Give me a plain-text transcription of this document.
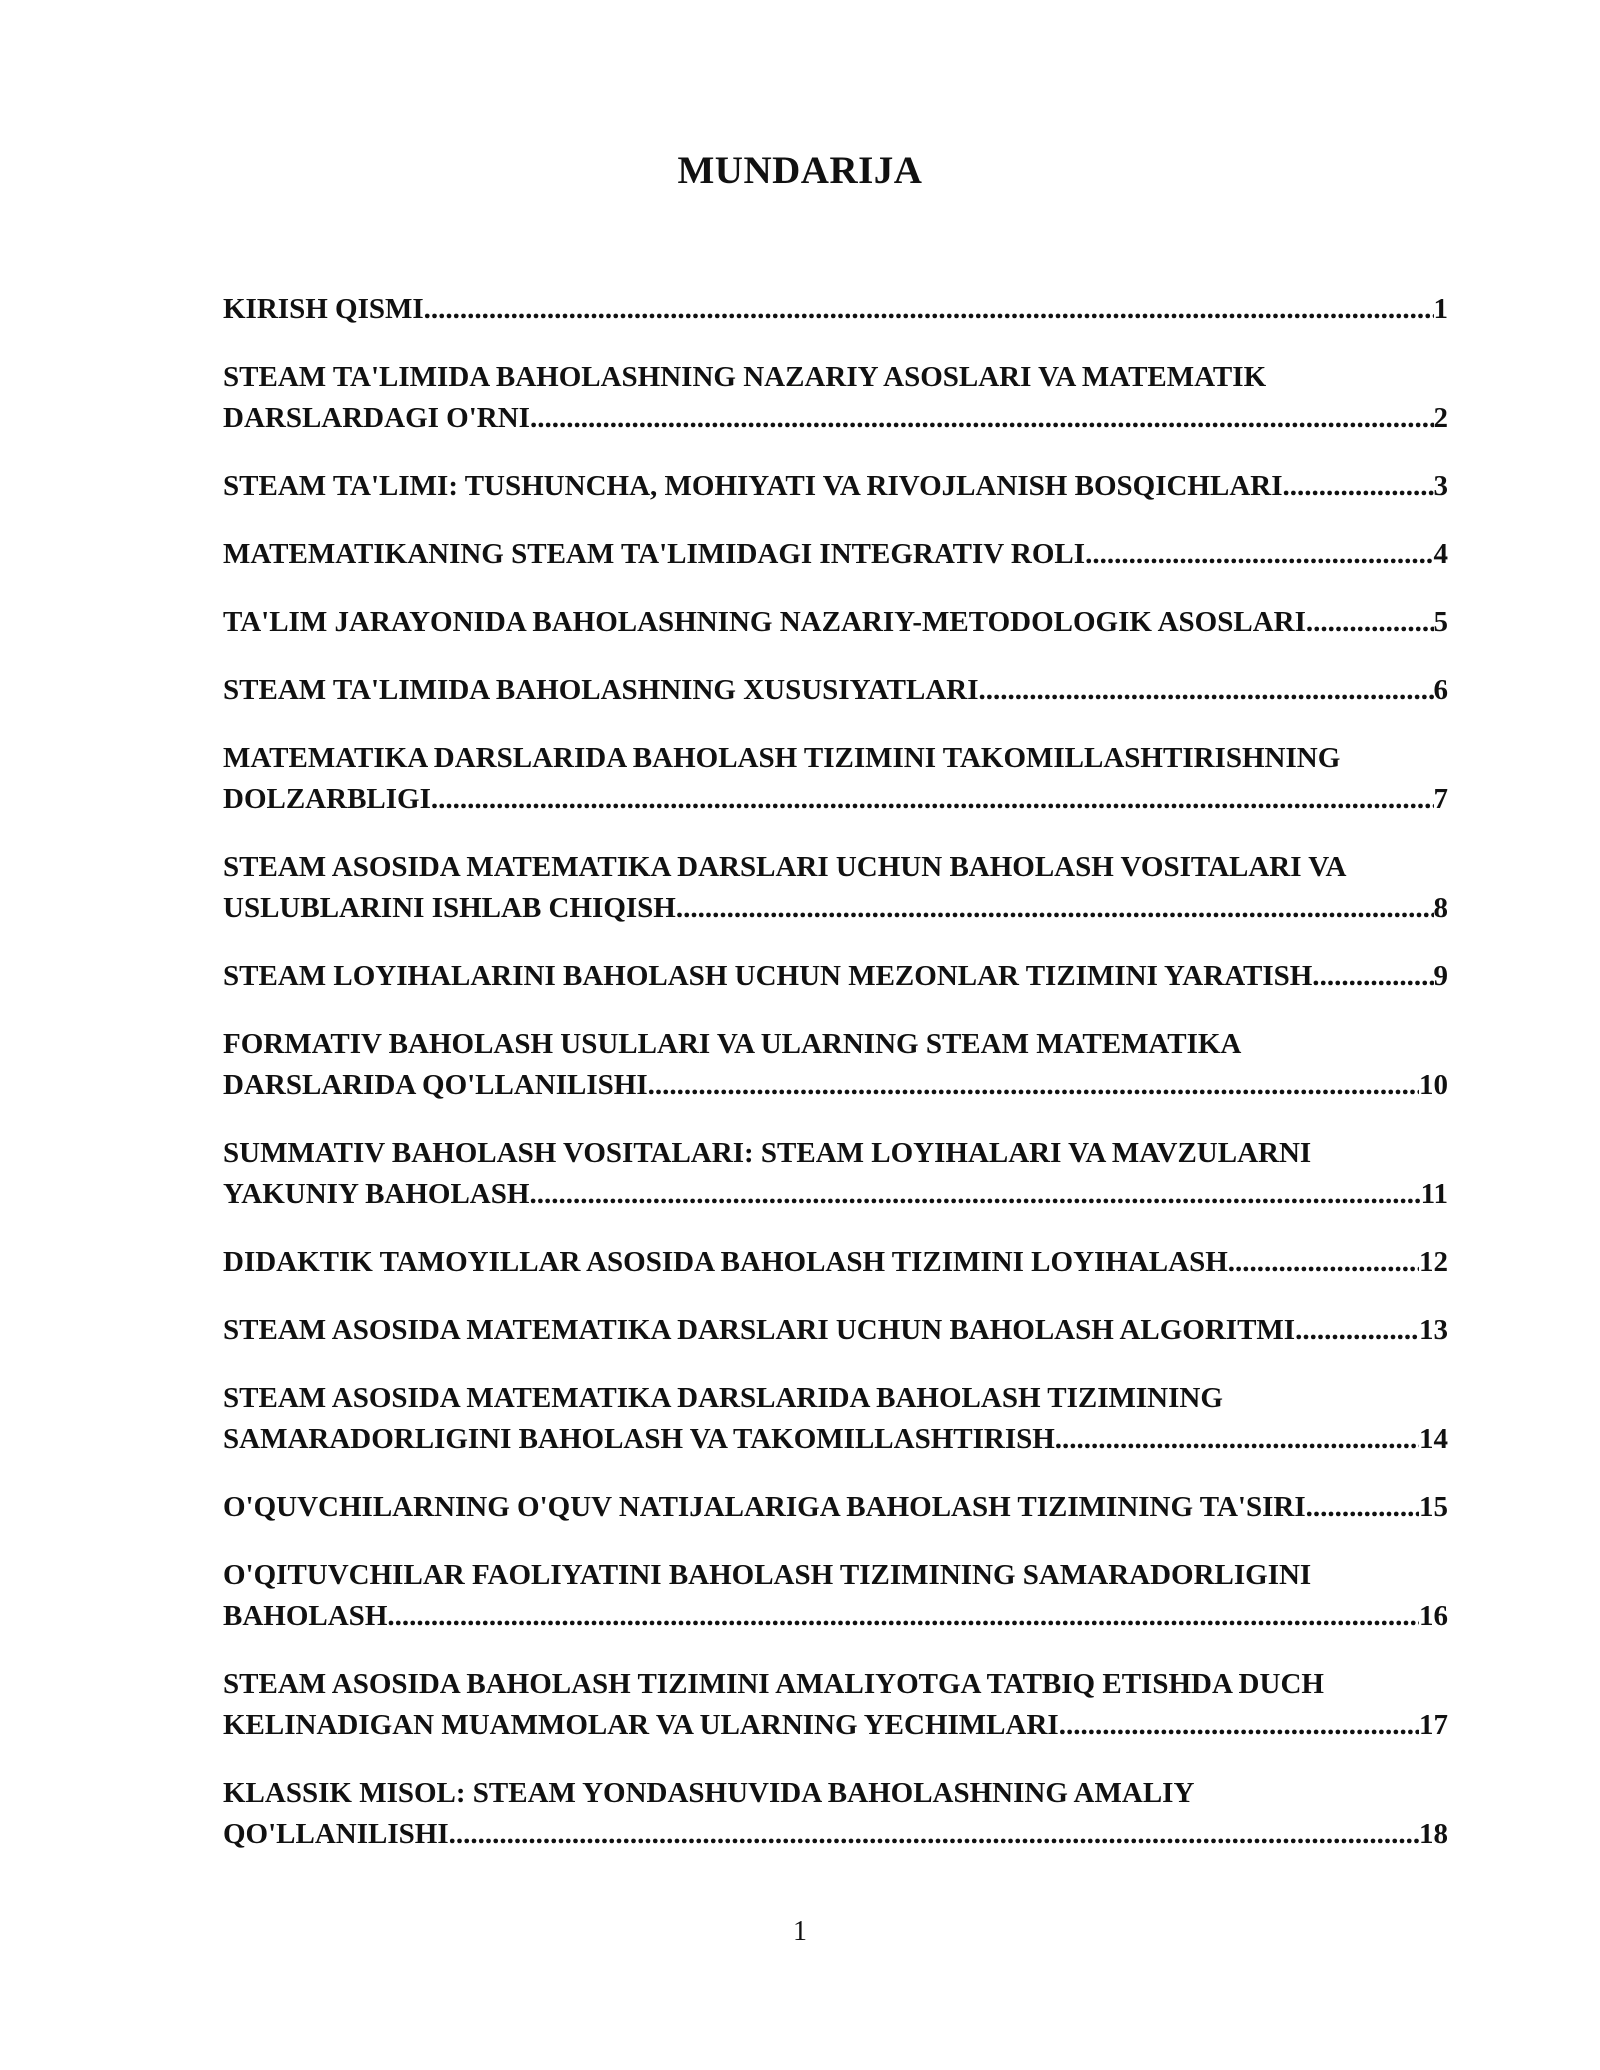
MUNDARIJA
KIRISH QISMI .....	1
STEAM TA'LIMIDA BAHOLASHNING NAZARIY ASOSLARI VA MATEMATIK
DARSLARDAGI O'RNI .....	2
STEAM TA'LIMI: TUSHUNCHA, MOHIYATI VA RIVOJLANISH BOSQICHLARI .....	3
MATEMATIKANING STEAM TA'LIMIDAGI INTEGRATIV ROLI .....	4
TA'LIM JARAYONIDA BAHOLASHNING NAZARIY-METODOLOGIK ASOSLARI .....	5
STEAM TA'LIMIDA BAHOLASHNING XUSUSIYATLARI .....	6
MATEMATIKA DARSLARIDA BAHOLASH TIZIMINI TAKOMILLASHTIRISHNING
DOLZARBLIGI .....	7
STEAM ASOSIDA MATEMATIKA DARSLARI UCHUN BAHOLASH VOSITALARI VA
USLUBLARINI ISHLAB CHIQISH .....	8
STEAM LOYIHALARINI BAHOLASH UCHUN MEZONLAR TIZIMINI YARATISH. .....	9
FORMATIV BAHOLASH USULLARI VA ULARNING STEAM MATEMATIKA
DARSLARIDA QO'LLANILISHI .....	10
SUMMATIV BAHOLASH VOSITALARI: STEAM LOYIHALARI VA MAVZULARNI
YAKUNIY BAHOLASH .....	11
DIDAKTIK TAMOYILLAR ASOSIDA BAHOLASH TIZIMINI LOYIHALASH .....	12
STEAM ASOSIDA MATEMATIKA DARSLARI UCHUN BAHOLASH ALGORITMI. .....	13
STEAM ASOSIDA MATEMATIKA DARSLARIDA BAHOLASH TIZIMINING
SAMARADORLIGINI BAHOLASH VA TAKOMILLASHTIRISH .....	14
O'QUVCHILARNING O'QUV NATIJALARIGA BAHOLASH TIZIMINING TA'SIRI. .....	15
O'QITUVCHILAR FAOLIYATINI BAHOLASH TIZIMINING SAMARADORLIGINI
BAHOLASH .....	16
STEAM ASOSIDA BAHOLASH TIZIMINI AMALIYOTGA TATBIQ ETISHDA DUCH
KELINADIGAN MUAMMOLAR VA ULARNING YECHIMLARI .....	17
KLASSIK MISOL: STEAM YONDASHUVIDA BAHOLASHNING AMALIY
QO'LLANILISHI .....	18
1
